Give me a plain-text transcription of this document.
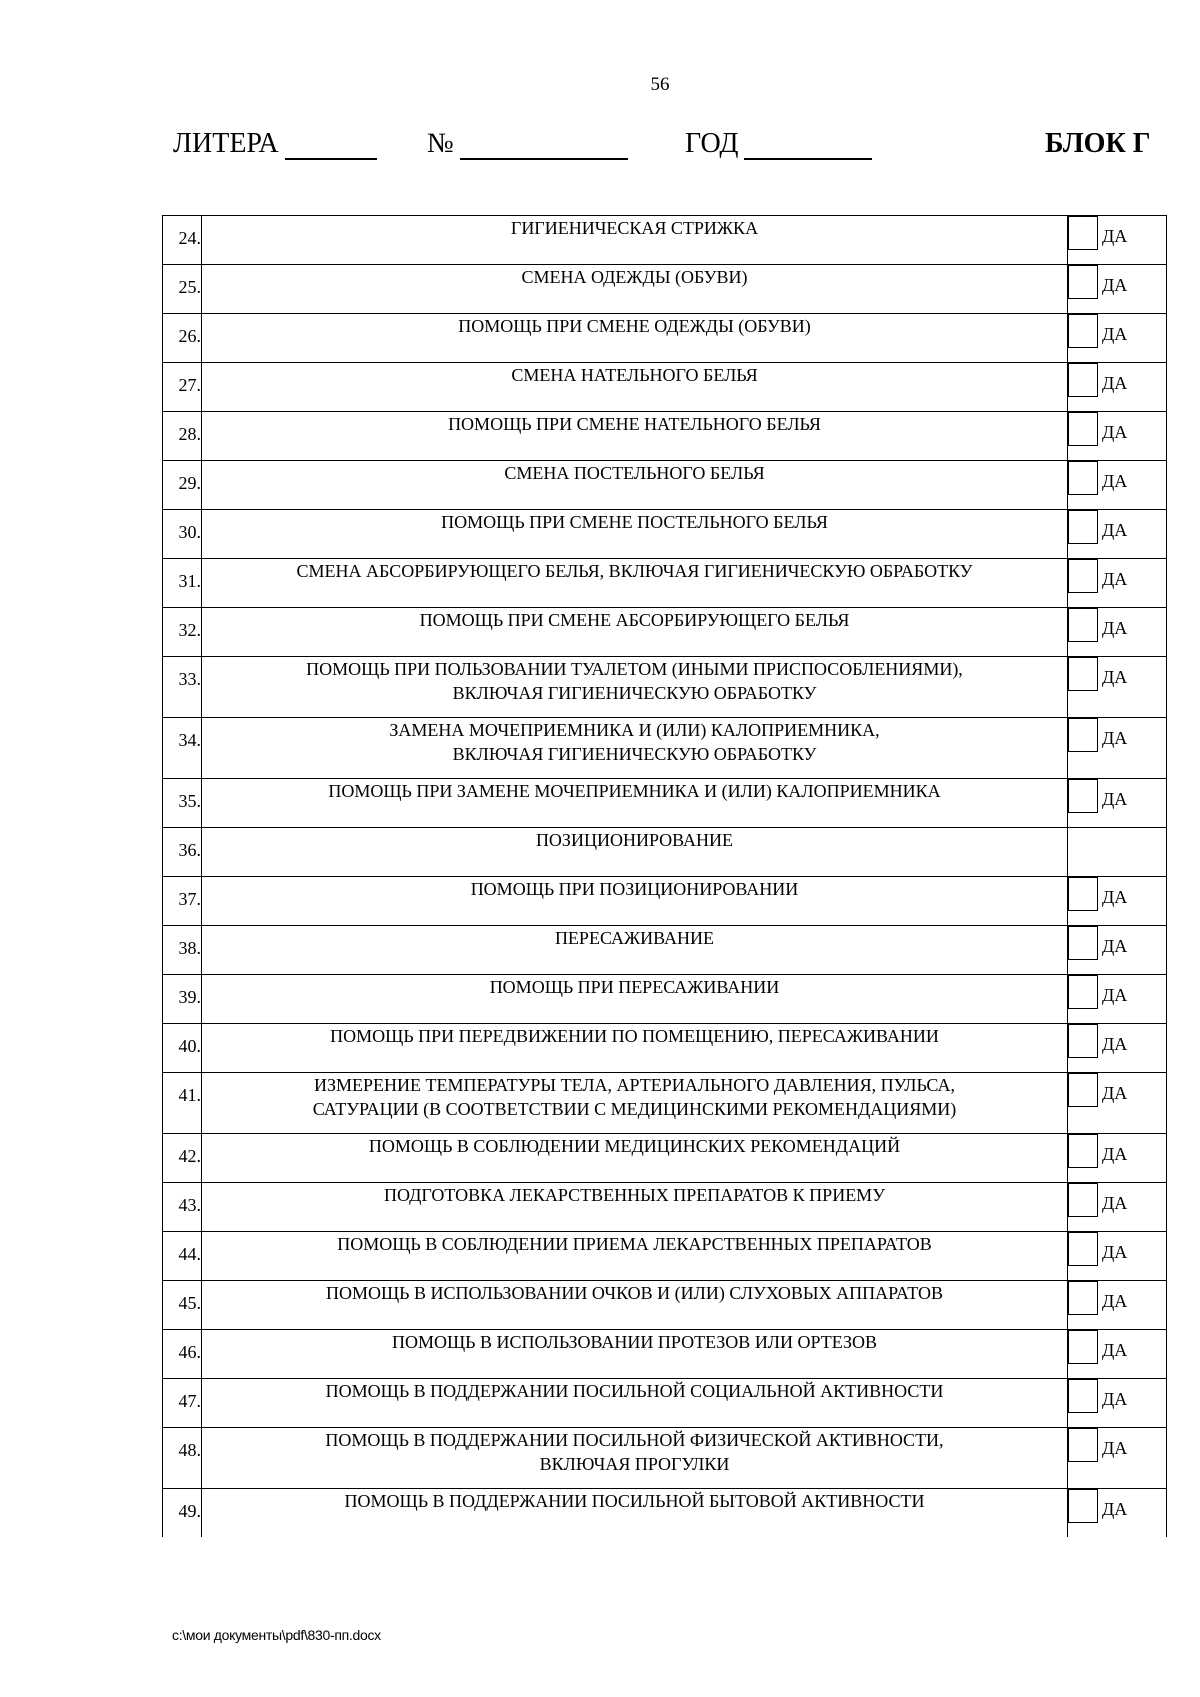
56
ЛИТЕРА	№	ГОД	БЛОК Г
24.	ГИГИЕНИЧЕСКАЯ СТРИЖКА	ДА
25.	СМЕНА ОДЕЖДЫ (ОБУВИ)	ДА
26.	ПОМОЩЬ ПРИ СМЕНЕ ОДЕЖДЫ (ОБУВИ)	ДА
27.	СМЕНА НАТЕЛЬНОГО БЕЛЬЯ	ДА
28.	ПОМОЩЬ ПРИ СМЕНЕ НАТЕЛЬНОГО БЕЛЬЯ	ДА
29.	СМЕНА ПОСТЕЛЬНОГО БЕЛЬЯ	ДА
30.	ПОМОЩЬ ПРИ СМЕНЕ ПОСТЕЛЬНОГО БЕЛЬЯ	ДА
31.	СМЕНА АБСОРБИРУЮЩЕГО БЕЛЬЯ, ВКЛЮЧАЯ ГИГИЕНИЧЕСКУЮ ОБРАБОТКУ	ДА
32.	ПОМОЩЬ ПРИ СМЕНЕ АБСОРБИРУЮЩЕГО БЕЛЬЯ	ДА
33.	ПОМОЩЬ ПРИ ПОЛЬЗОВАНИИ ТУАЛЕТОМ (ИНЫМИ ПРИСПОСОБЛЕНИЯМИ),
ВКЛЮЧАЯ ГИГИЕНИЧЕСКУЮ ОБРАБОТКУ	ДА
34.	ЗАМЕНА МОЧЕПРИЕМНИКА И (ИЛИ) КАЛОПРИЕМНИКА,
ВКЛЮЧАЯ ГИГИЕНИЧЕСКУЮ ОБРАБОТКУ	ДА
35.	ПОМОЩЬ ПРИ ЗАМЕНЕ МОЧЕПРИЕМНИКА И (ИЛИ) КАЛОПРИЕМНИКА	ДА
36.	ПОЗИЦИОНИРОВАНИЕ	

37.	ПОМОЩЬ ПРИ ПОЗИЦИОНИРОВАНИИ	ДА
38.	ПЕРЕСАЖИВАНИЕ	ДА
39.	ПОМОЩЬ ПРИ ПЕРЕСАЖИВАНИИ	ДА
40.	ПОМОЩЬ ПРИ ПЕРЕДВИЖЕНИИ ПО ПОМЕЩЕНИЮ, ПЕРЕСАЖИВАНИИ	ДА
41.	ИЗМЕРЕНИЕ ТЕМПЕРАТУРЫ ТЕЛА, АРТЕРИАЛЬНОГО ДАВЛЕНИЯ, ПУЛЬСА,
САТУРАЦИИ (В СООТВЕТСТВИИ С МЕДИЦИНСКИМИ РЕКОМЕНДАЦИЯМИ)	ДА
42.	ПОМОЩЬ В СОБЛЮДЕНИИ МЕДИЦИНСКИХ РЕКОМЕНДАЦИЙ	ДА
43.	ПОДГОТОВКА ЛЕКАРСТВЕННЫХ ПРЕПАРАТОВ К ПРИЕМУ	ДА
44.	ПОМОЩЬ В СОБЛЮДЕНИИ ПРИЕМА ЛЕКАРСТВЕННЫХ ПРЕПАРАТОВ	ДА
45.	ПОМОЩЬ В ИСПОЛЬЗОВАНИИ ОЧКОВ И (ИЛИ) СЛУХОВЫХ АППАРАТОВ	ДА
46.	ПОМОЩЬ В ИСПОЛЬЗОВАНИИ ПРОТЕЗОВ ИЛИ ОРТЕЗОВ	ДА
47.	ПОМОЩЬ В ПОДДЕРЖАНИИ ПОСИЛЬНОЙ СОЦИАЛЬНОЙ АКТИВНОСТИ	ДА
48.	ПОМОЩЬ В ПОДДЕРЖАНИИ ПОСИЛЬНОЙ ФИЗИЧЕСКОЙ АКТИВНОСТИ,
ВКЛЮЧАЯ ПРОГУЛКИ	ДА
49.	ПОМОЩЬ В ПОДДЕРЖАНИИ ПОСИЛЬНОЙ БЫТОВОЙ АКТИВНОСТИ	ДА
c:\мои документы\pdf\830-пп.docx
